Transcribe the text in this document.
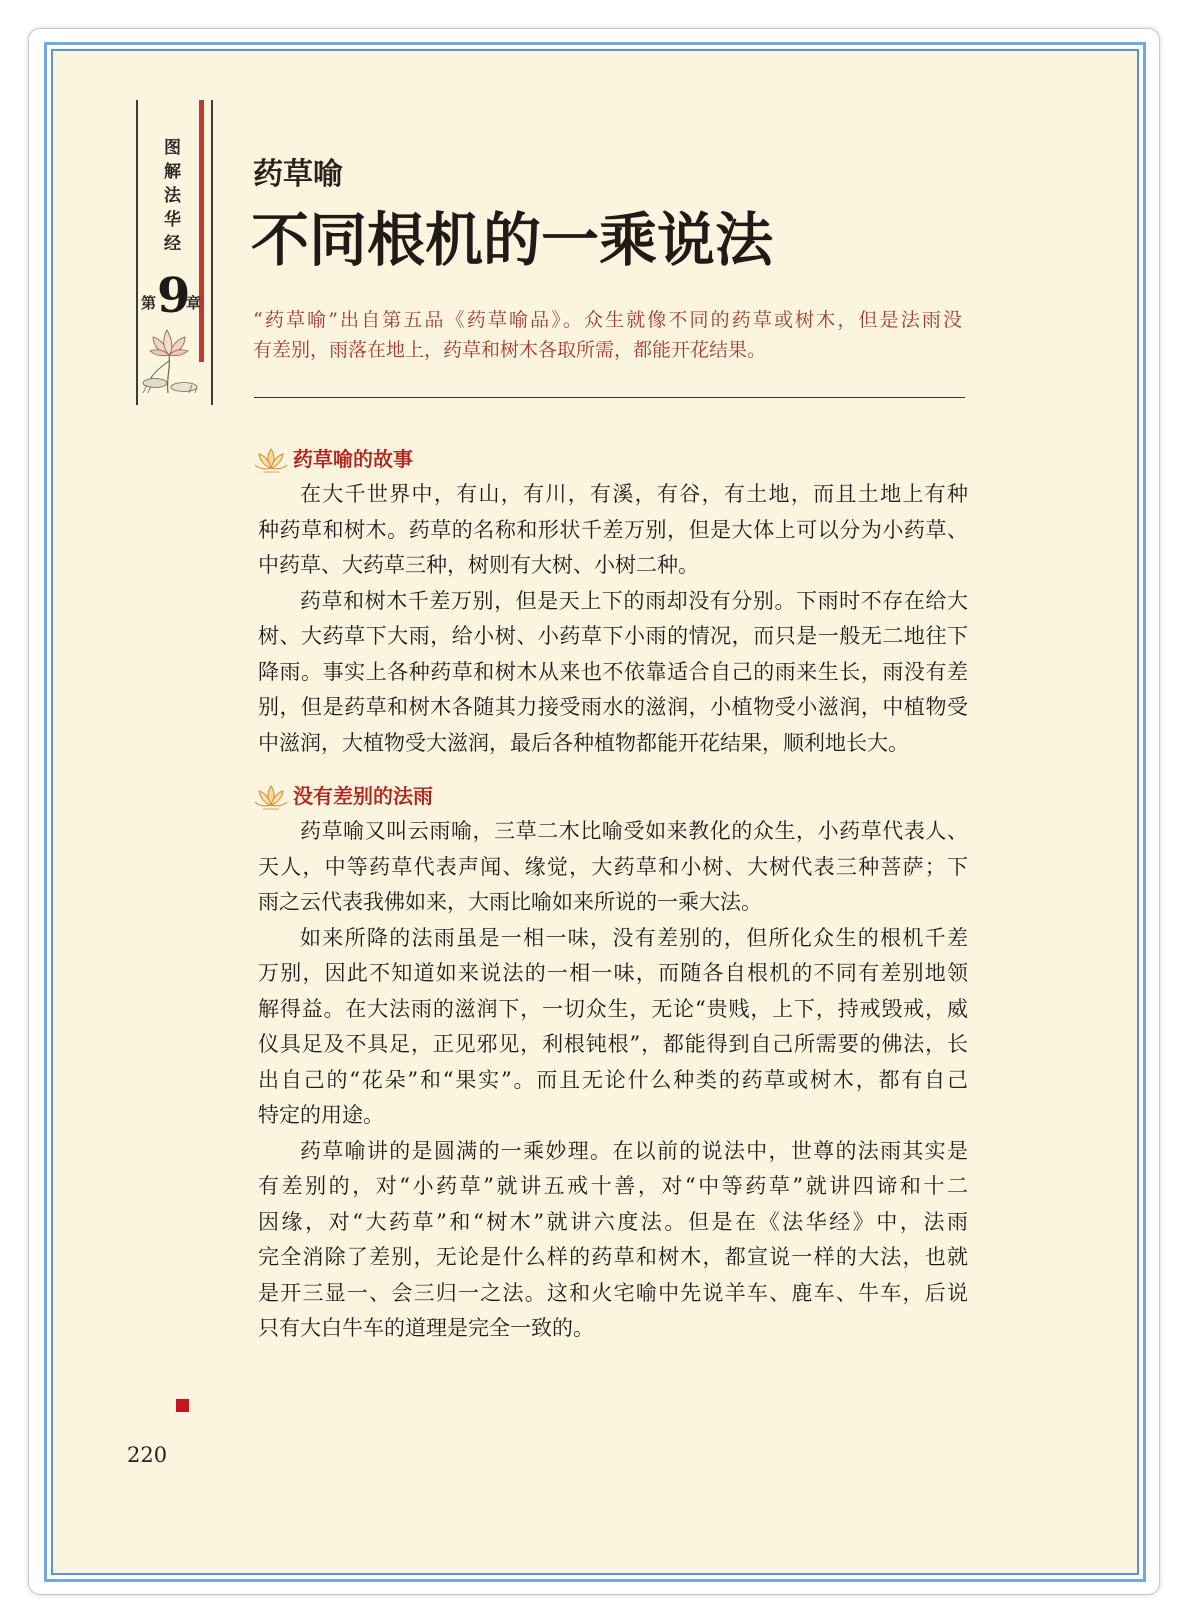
图解法华经
第 9
章
药草喻
不同根机的一乘说法
“药草喻”出自第五品《药草喻品》。众生就像不同的药草或树木，但是法雨没
有差别，雨落在地上，药草和树木各取所需，都能开花结果。
药草喻的故事
在大千世界中，有山，有川，有溪，有谷，有土地，而且土地上有种
种药草和树木。药草的名称和形状千差万别，但是大体上可以分为小药草、
中药草、大药草三种，树则有大树、小树二种。
药草和树木千差万别，但是天上下的雨却没有分别。下雨时不存在给大
树、大药草下大雨，给小树、小药草下小雨的情况，而只是一般无二地往下
降雨。事实上各种药草和树木从来也不依靠适合自己的雨来生长，雨没有差
别，但是药草和树木各随其力接受雨水的滋润，小植物受小滋润，中植物受
中滋润，大植物受大滋润，最后各种植物都能开花结果，顺利地长大。
没有差别的法雨
药草喻又叫云雨喻，三草二木比喻受如来教化的众生，小药草代表人、
天人，中等药草代表声闻、缘觉，大药草和小树、大树代表三种菩萨；下
雨之云代表我佛如来，大雨比喻如来所说的一乘大法。
如来所降的法雨虽是一相一味，没有差别的，但所化众生的根机千差
万别，因此不知道如来说法的一相一味，而随各自根机的不同有差别地领
解得益。在大法雨的滋润下，一切众生，无论“贵贱，上下，持戒毁戒，威
仪具足及不具足，正见邪见，利根钝根”，都能得到自己所需要的佛法，长
出自己的“花朵”和“果实”。而且无论什么种类的药草或树木，都有自己
特定的用途。
药草喻讲的是圆满的一乘妙理。在以前的说法中，世尊的法雨其实是
有差别的，对“小药草”就讲五戒十善，对“中等药草”就讲四谛和十二
因缘，对“大药草”和“树木”就讲六度法。但是在《法华经》中，法雨
完全消除了差别，无论是什么样的药草和树木，都宣说一样的大法，也就
是开三显一、会三归一之法。这和火宅喻中先说羊车、鹿车、牛车，后说
只有大白牛车的道理是完全一致的。
220
